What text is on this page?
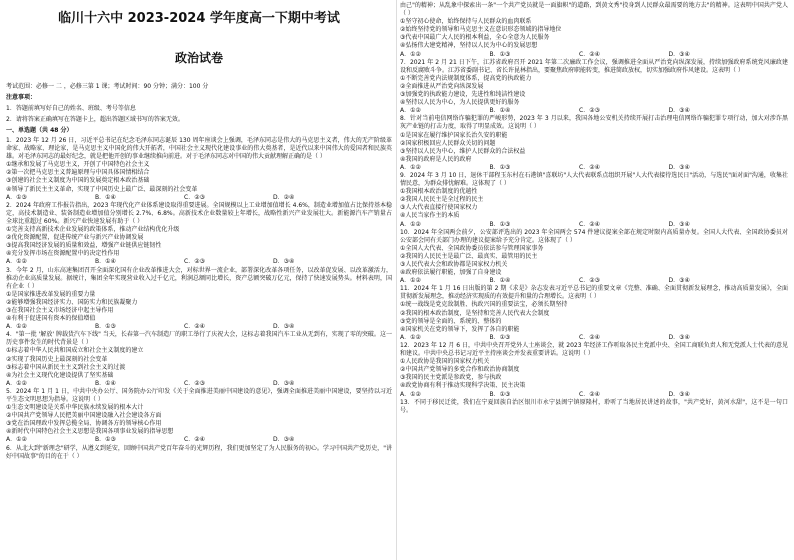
临川十六中 2023-2024 学年度高一下期中考试
政治试卷
考试范围：必修一 二 ，必修三第 1 课；考试时间：90 分钟；满分：100 分
注意事项：
1．答题前填写好自己的姓名、班级、考号等信息
2．请将答案正确填写在答题卡上，超出答题区域书写的答案无效。
一、单选题（共 48 分）
1．2023 年 12 月 26 日，习近平总书记在纪念毛泽东同志诞辰 130 周年座谈会上强调，毛泽东同志是伟大的马克思主义者，伟大的无产阶级革命家、战略家、理论家，是马克思主义中国化的伟大开拓者，中国社会主义现代化建设事业的伟大奠基者，是近代以来中国伟大的爱国者和民族英雄。对毛泽东同志的最好纪念，就是把他开创的事业继续推向前进。对于毛泽东同志对中国的伟大贡献理解正确的是（ ）
①继承和发展了马克思主义，开创了中国特色社会主义
②第一次把马克思主义普遍原理与中国具体国情相结合
③创建的社会主义制度为中国的发展奠定根本政治基础
④领导了新民主主义革命，实现了中国历史上最广泛、最深刻的社会变革
A．①③	B．①④	C．②③	D．②④
2．2024 年政府工作报告指出，2023 年现代化产业体系建设取得重要进展。全国规模以上工业增加值增长 4.6%，制造业增加值占比保持基本稳定，高技术制造业、装备制造业增加值分别增长 2.7%、6.8%。高新技术企业数量较上年增长，战略性新兴产业发展壮大。新能源汽车产销量占全球比重超过 60%。新兴产业快速发展有助于（ ）
①完善支持高新技术企业发展的政策体系，推动产业结构优化升级
②优化资源配置，促进传统产业与新兴产业协调发展
③提高我国经济发展的质量和效益，增强产业链供应链韧性
④充分发挥市场在资源配置中的决定性作用
A．①②	B．①④	C．②③	D．③④
3．今年 2 月，山东高速集团召开全面深化国有企业改革推进大会，对标世界一流企业，部署深化改革各项任务，以改革促发展、以改革激活力，推动企业高质量发展。据统计，集团全年实现营业收入过千亿元，利润总额同比增长，资产总额突破万亿元，保持了快速发展势头。材料表明，国有企业（ ）
①是国家推进改革发展的重要力量
②能够增强我国经济实力、国防实力和民族凝聚力
③在我国社会主义市场经济中起主导作用
④有利于促进国有资本的保值增值
A．①②	B．①③	C．②④	D．③④
4．"第一批 '解放' 牌载货汽车下线" 当天，长春第一汽车制造厂的职工举行了庆祝大会，这标志着我国汽车工业从无到有，实现了零的突破。这一历史事件发生的时代背景是（ ）
①标志着中华人民共和国成立和社会主义制度的建立
②实现了我国历史上最深刻的社会变革
③标志着中国从新民主主义到社会主义的过渡
④为社会主义现代化建设提供了坚实基础
A．①②	B．①④	C．②③	D．③④
5．2024 年 1 月 1 日，中共中央办公厅、国务院办公厅印发《关于全面推进美丽中国建设的意见》，强调全面推进美丽中国建设，要坚持以习近平生态文明思想为指导。这说明（ ）
①生态文明建设是关系中华民族永续发展的根本大计
②中国共产党领导人民把美丽中国建设融入社会建设各方面
③党在治国理政中发挥总揽全局、协调各方的领导核心作用
④新时代中国特色社会主义思想是我国各项事业发展的指导思想
A．①②	B．①③	C．②④	D．③④
6．从北大到"新理念"研学，从遵义到延安，回顾中国共产党百年奋斗的光辉历程，我们更加坚定了为人民服务的初心。学习中国共产党历史，"讲好中国故事"的目的在于（ ）
由己"的精神；从乱象中探索出一条"一个共产党员就是一面旗帜"的道路，到黄文秀"投身到人民群众最需要的地方去"的精神。这表明中国共产党人（ ）
①坚守初心使命，始终保持与人民群众的血肉联系
②始终坚持党的领导和马克思主义在意识形态领域的指导地位
③代表中国最广大人民的根本利益，全心全意为人民服务
④弘扬伟大建党精神，坚持以人民为中心的发展思想
A．①②	B．①③	C．②④	D．③④
7．2021 年 2 月 21 日下午，江苏省政府召开 2021 年第二次廉政工作会议，强调推进全面从严治党向纵深发展，持续加强政府系统党风廉政建设和反腐败斗争。江苏省委副书记、省长许昆林指出，要聚焦政府职能转变，推进简政放权，切实加强政府作风建设。这表明（ ）
①不断完善党内法规制度体系，提高党的执政能力
②全面推进从严治党向纵深发展
③加强党的执政能力建设，先进性和纯洁性建设
④坚持以人民为中心，为人民提供更好的服务
A．①②	B．①④	C．②③	D．③④
8．针对当前电信网络诈骗犯罪的严峻形势，2023 年 3 月以来，我国各地公安机关持续开展打击治理电信网络诈骗犯罪专项行动，加大对涉诈黑灰产业链的打击力度，取得了明显成效。这说明（ ）
①是国家在履行维护国家长治久安的职能
②国家积极回应人民群众关切的问题
③坚持以人民为中心，维护人民群众的合法权益
④我国的政府是人民的政府
A．①②	B．①③	C．②④	D．③④
9．2024 年 3 月 10 日，退休干部程玉东村在石港镇"喜联坊"人大代表联系点组织开展"人大代表接待选民日"活动，与选民"面对面"沟通，收集社情民意，为群众排忧解难。这体现了（ ）
①我国根本政治制度的优越性
②我国人民民主是全过程的民主
③人大代表直接行使国家权力
④人民当家作主的本质
A．①②	B．①③	C．②④	D．③④
10．2024 年全国两会前夕，公安部评选出的 2023 年全国两会 574 件建议提案全部在规定时限内高质量办复。全国人大代表、全国政协委员对公安部会同有关部门办理的建议提案给予充分肯定。这体现了（ ）
①全国人大代表、全国政协委员依法参与管理国家事务
②我国的人民民主是最广泛、最真实、最管用的民主
③人民代表大会和政协都是国家权力机关
④政府依法履行职能，加强了自身建设
A．①②	B．①④	C．②③	D．③④
11．2024 年 1 月 16 日出版的第 2 期《求是》杂志发表习近平总书记的重要文章《完整、准确、全面贯彻新发展理念，推动高质量发展》，全面贯彻新发展理念，推动经济实现质的有效提升和量的合理增长。这表明（ ）
①统一战线是党克敌制胜、执政兴国的重要法宝，必须长期坚持
②我国的根本政治制度，是坚持和完善人民代表大会制度
③党的领导是全面的、系统的、整体的
④国家机关在党的领导下，发挥了各自的职能
A．①②	B．①③	C．②④	D．③④
12．2023 年 12 月 6 日，中共中央召开党外人士座谈会，就 2023 年经济工作听取各民主党派中央、全国工商联负责人和无党派人士代表的意见和建议。中共中央总书记习近平主持座谈会并发表重要讲话。这说明（ ）
①人民政协是我国的国家权力机关
②中国共产党领导的多党合作和政治协商制度
③我国的民主党派是参政党，参与执政
④政党协商有利于推动实现科学决策、民主决策
A．①②	B．①③	C．②④	D．③④
13．不同于移民迁徙，我们在宁夏回族自治区银川市永宁县闽宁镇原隆村，聆听了当地居民讲述的故事，"共产党好，黄河水甜"，这不是一句口号。
